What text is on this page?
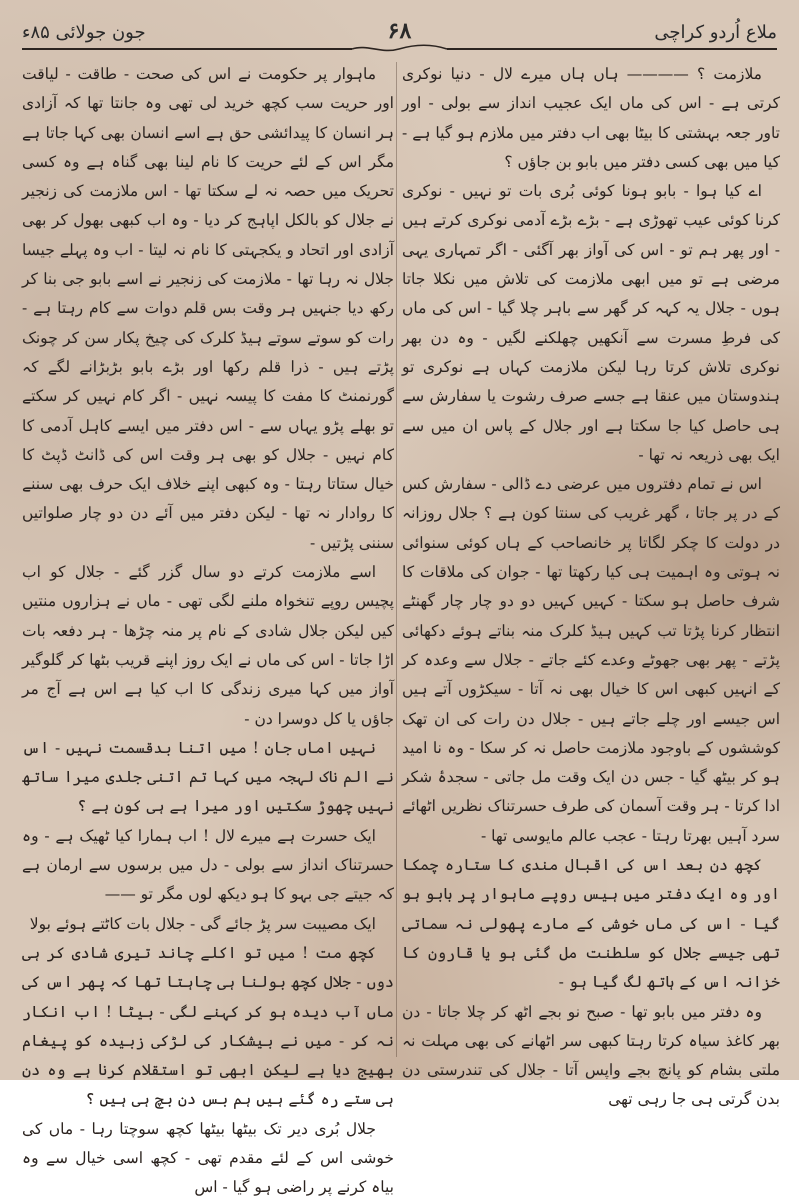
ملاع اُردو کراچی
۶۸
جون جولائی ۸۵ء

ملازمت ؟ ———— ہاں ہاں میرے لال - دنیا نوکری کرتی ہے - اس کی ماں ایک عجیب انداز سے بولی - اور تاور جعہ بہشتی کا بیٹا بھی اب دفتر میں ملازم ہو گیا ہے - کیا میں بھی کسی دفتر میں بابو بن جاؤں ؟

اے کیا ہوا - بابو ہونا کوئی بُری بات تو نہیں - نوکری کرنا کوئی عیب تھوڑی ہے - بڑے بڑے آدمی نوکری کرتے ہیں - اور پھر ہم تو - اس کی آواز بھر آگئی - اگر تمہاری یہی مرضی ہے تو میں ابھی ملازمت کی تلاش میں نکلا جاتا ہوں - جلال یہ کہہ کر گھر سے باہر چلا گیا - اس کی ماں کی فرطِ مسرت سے آنکھیں چھلکنے لگیں - وہ دن بھر نوکری تلاش کرتا رہا لیکن ملازمت کہاں ہے نوکری تو ہندوستان میں عنقا ہے جسے صرف رشوت یا سفارش سے ہی حاصل کیا جا سکتا ہے اور جلال کے پاس ان میں سے ایک بھی ذریعہ نہ تھا -

اس نے تمام دفتروں میں عرضی دے ڈالی - سفارش کس کے در پر جاتا ، گھر غریب کی سنتا کون ہے ؟ جلال روزانہ در دولت کا چکر لگاتا پر خانصاحب کے ہاں کوئی سنوائی نہ ہوتی وہ اہمیت ہی کیا رکھتا تھا - جوان کی ملاقات کا شرف حاصل ہو سکتا - کہیں کہیں دو دو چار چار گھنٹے انتظار کرنا پڑتا تب کہیں ہیڈ کلرک منہ بناتے ہوئے دکھائی پڑتے - پھر بھی جھوٹے وعدے کئے جاتے - جلال سے وعدہ کر کے انہیں کبھی اس کا خیال بھی نہ آتا - سیکڑوں آتے ہیں اس جیسے اور چلے جاتے ہیں - جلال دن رات کی ان تھک کوششوں کے باوجود ملازمت حاصل نہ کر سکا - وہ نا امید ہو کر بیٹھ گیا - جس دن ایک وقت مل جاتی - سجدۂ شکر ادا کرتا - ہر وقت آسمان کی طرف حسرتناک نظریں اٹھائے سرد آہیں بھرتا رہتا - عجب عالم مایوسی تھا -

کچھ دن بعد اس کی اقبال مندی کا ستارہ چمکا اور وہ ایک دفتر میں ہیس روپے ماہوار پر بابو ہو گیا - اس کی ماں خوشی کے مارے پھولی نہ سماتی تھی جیسے جلال کو سلطنت مل گئی ہو یا قارون کا خزانہ اس کے ہاتھ لگ گیا ہو -

وہ دفتر میں بابو تھا - صبح نو بجے اٹھ کر چلا جاتا - دن بھر کاغذ سیاہ کرتا رہتا کبھی سر اٹھانے کی بھی مہلت نہ ملتی بشام کو پانچ بجے واپس آتا - جلال کی تندرستی دن بدن گرتی ہی جا رہی تھی

ماہوار پر حکومت نے اس کی صحت - طاقت - لیاقت اور حریت سب کچھ خرید لی تھی وہ جانتا تھا کہ آزادی ہر انسان کا پیدائشی حق ہے اسے انسان بھی کہا جاتا ہے مگر اس کے لئے حریت کا نام لینا بھی گناہ ہے وہ کسی تحریک میں حصہ نہ لے سکتا تھا - اس ملازمت کی زنجیر نے جلال کو بالکل اپاہج کر دیا - وہ اب کبھی بھول کر بھی آزادی اور اتحاد و یکجہتی کا نام نہ لیتا - اب وہ پہلے جیسا جلال نہ رہا تھا - ملازمت کی زنجیر نے اسے بابو جی بنا کر رکھ دیا جنہیں ہر وقت بس قلم دوات سے کام رہتا ہے - رات کو سوتے سوتے ہیڈ کلرک کی چیخ پکار سن کر چونک پڑتے ہیں - ذرا قلم رکھا اور بڑے بابو بڑبڑانے لگے کہ گورنمنٹ کا مفت کا پیسہ نہیں - اگر کام نہیں کر سکتے تو بھلے پڑو یہاں سے - اس دفتر میں ایسے کاہل آدمی کا کام نہیں - جلال کو بھی ہر وقت اس کی ڈانٹ ڈپٹ کا خیال ستاتا رہتا - وہ کبھی اپنے خلاف ایک حرف بھی سننے کا روادار نہ تھا - لیکن دفتر میں آئے دن دو چار صلواتیں سننی پڑتیں -

اسے ملازمت کرتے دو سال گزر گئے - جلال کو اب پچیس روپے تنخواہ ملنے لگی تھی - ماں نے ہزاروں منتیں کیں لیکن جلال شادی کے نام پر منہ چڑھا - ہر دفعہ بات اڑا جاتا - اس کی ماں نے ایک روز اپنے قریب بٹھا کر گلوگیر آواز میں کہا میری زندگی کا اب کیا ہے اس ہے آج مر جاؤں یا کل دوسرا دن -

نہیں اماں جان ! میں اتنا بدقسمت نہیں - اس نے الم ناک لہجہ میں کہا تم اتنی جلدی میرا ساتھ نہیں چھوڑ سکتیں اور میرا ہے ہی کون ہے ؟

ایک حسرت ہے میرے لال ! اب ہمارا کیا ٹھیک ہے - وہ حسرتناک انداز سے بولی - دل میں برسوں سے ارمان ہے کہ جیتے جی بہو کا ہو دیکھ لوں مگر تو ——

ایک مصیبت سر پڑ جائے گی - جلال بات کاٹتے ہوئے بولا

کچھ مت ! میں تو اکلے چاند تیری شادی کر ہی دوں - جلال کچھ بولنا ہی چاہتا تھا کہ پھر اس کی ماں آب دیدہ ہو کر کہنے لگی - بیٹا ! اب انکار نہ کر - میں نے بیشکار کی لڑکی زبیدہ کو پیغام بھیج دیا ہے لیکن ابھی تو استقلام کرنا ہے وہ دن ہی ستے رہ گئے ہیں ہم بس دن بچ ہی ہیں ؟

جلال بُری دیر تک بیٹھا بیٹھا کچھ سوچتا رہا - ماں کی خوشی اس کے لئے مقدم تھی - کچھ اسی خیال سے وہ بیاہ کرنے پر راضی ہو گیا - اس
